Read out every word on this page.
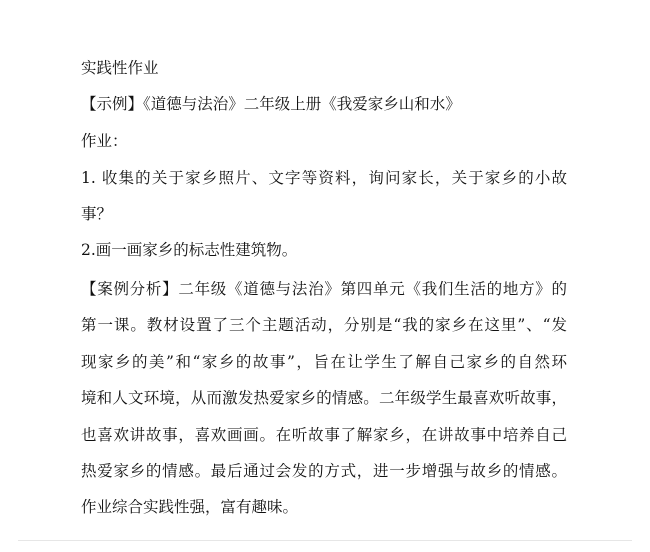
实践性作业
【示例】《道德与法治》二年级上册《我爱家乡山和水》
作业：
1. 收集的关于家乡照片、文字等资料，询问家长，关于家乡的小故
事？
2.画一画家乡的标志性建筑物。
【案例分析】二年级《道德与法治》第四单元《我们生活的地方》的
第一课。教材设置了三个主题活动，分别是“我的家乡在这里”、“发
现家乡的美”和“家乡的故事”，旨在让学生了解自己家乡的自然环
境和人文环境，从而激发热爱家乡的情感。二年级学生最喜欢听故事，
也喜欢讲故事，喜欢画画。在听故事了解家乡，在讲故事中培养自己
热爱家乡的情感。最后通过会发的方式，进一步增强与故乡的情感。
作业综合实践性强，富有趣味。
